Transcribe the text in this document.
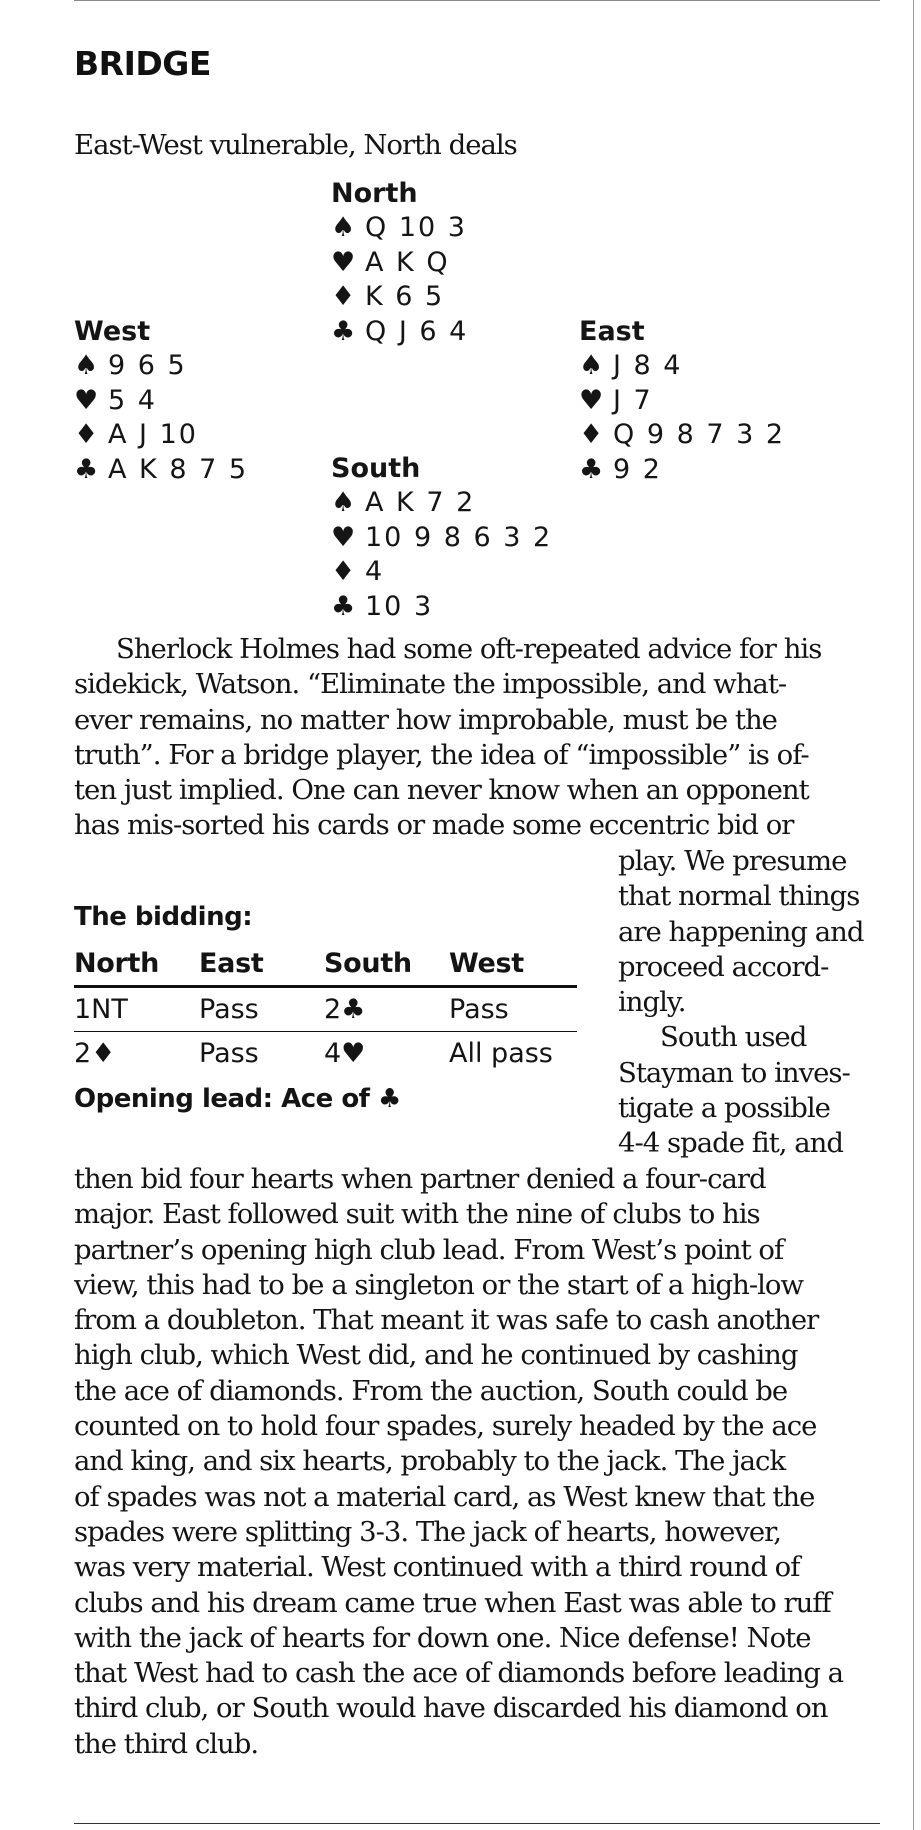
BRIDGE
East-West vulnerable, North deals
North
♠ Q 10 3
♥ A K Q
♦ K 6 5
♣ Q J 6 4
West
♠ 9 6 5
♥ 5 4
♦ A J 10
♣ A K 8 7 5
East
♠ J 8 4
♥ J 7
♦ Q 9 8 7 3 2
♣ 9 2
South
♠ A K 7 2
♥ 10 9 8 6 3 2
♦ 4
♣ 10 3
Sherlock Holmes had some oft-repeated advice for his
sidekick, Watson. “Eliminate the impossible, and what-
ever remains, no matter how improbable, must be the
truth”. For a bridge player, the idea of “impossible” is of-
ten just implied. One can never know when an opponent
has mis-sorted his cards or made some eccentric bid or
play. We presume
that normal things
are happening and
proceed accord-
ingly.
South used
Stayman to inves-
tigate a possible
4-4 spade fit, and
then bid four hearts when partner denied a four-card
major. East followed suit with the nine of clubs to his
partner’s opening high club lead. From West’s point of
view, this had to be a singleton or the start of a high-low
from a doubleton. That meant it was safe to cash another
high club, which West did, and he continued by cashing
the ace of diamonds. From the auction, South could be
counted on to hold four spades, surely headed by the ace
and king, and six hearts, probably to the jack. The jack
of spades was not a material card, as West knew that the
spades were splitting 3-3. The jack of hearts, however,
was very material. West continued with a third round of
clubs and his dream came true when East was able to ruff
with the jack of hearts for down one. Nice defense! Note
that West had to cash the ace of diamonds before leading a
third club, or South would have discarded his diamond on
the third club.
The bidding:
North	East	South	West
1NT	Pass	2♣	Pass
2♦	Pass	4♥	All pass
Opening lead: Ace of ♣
